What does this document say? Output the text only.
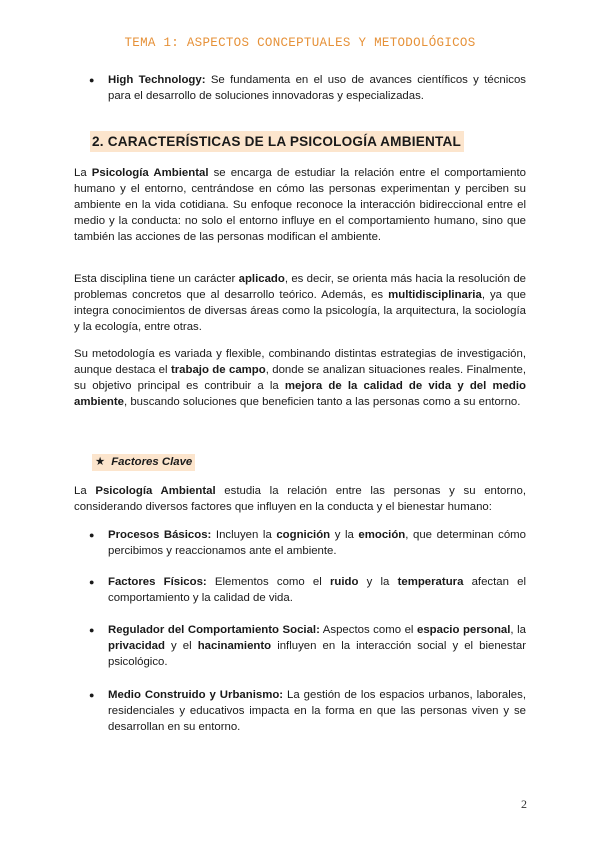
TEMA 1: ASPECTOS CONCEPTUALES Y METODOLÓGICOS
● High Technology: Se fundamenta en el uso de avances científicos y técnicos para el desarrollo de soluciones innovadoras y especializadas.

La Psicología Ambiental se encarga de estudiar la relación entre el comportamiento humano y el entorno, centrándose en cómo las personas experimentan y perciben su ambiente en la vida cotidiana. Su enfoque reconoce la interacción bidireccional entre el medio y la conducta: no solo el entorno influye en el comportamiento humano, sino que también las acciones de las personas modifican el ambiente.

Esta disciplina tiene un carácter aplicado, es decir, se orienta más hacia la resolución de problemas concretos que al desarrollo teórico. Además, es multidisciplinaria, ya que integra conocimientos de diversas áreas como la psicología, la arquitectura, la sociología y la ecología, entre otras.

Su metodología es variada y flexible, combinando distintas estrategias de investigación, aunque destaca el trabajo de campo, donde se analizan situaciones reales. Finalmente, su objetivo principal es contribuir a la mejora de la calidad de vida y del medio ambiente, buscando soluciones que beneficien tanto a las personas como a su entorno.

La Psicología Ambiental estudia la relación entre las personas y su entorno, considerando diversos factores que influyen en la conducta y el bienestar humano:

● Procesos Básicos: Incluyen la cognición y la emoción, que determinan cómo percibimos y reaccionamos ante el ambiente.
● Factores Físicos: Elementos como el ruido y la temperatura afectan el comportamiento y la calidad de vida.
● Regulador del Comportamiento Social: Aspectos como el espacio personal, la privacidad y el hacinamiento influyen en la interacción social y el bienestar psicológico.
● Medio Construido y Urbanismo: La gestión de los espacios urbanos, laborales, residenciales y educativos impacta en la forma en que las personas viven y se desarrollan en su entorno.
2. CARACTERÍSTICAS DE LA PSICOLOGÍA AMBIENTAL
★ Factores Clave
2
